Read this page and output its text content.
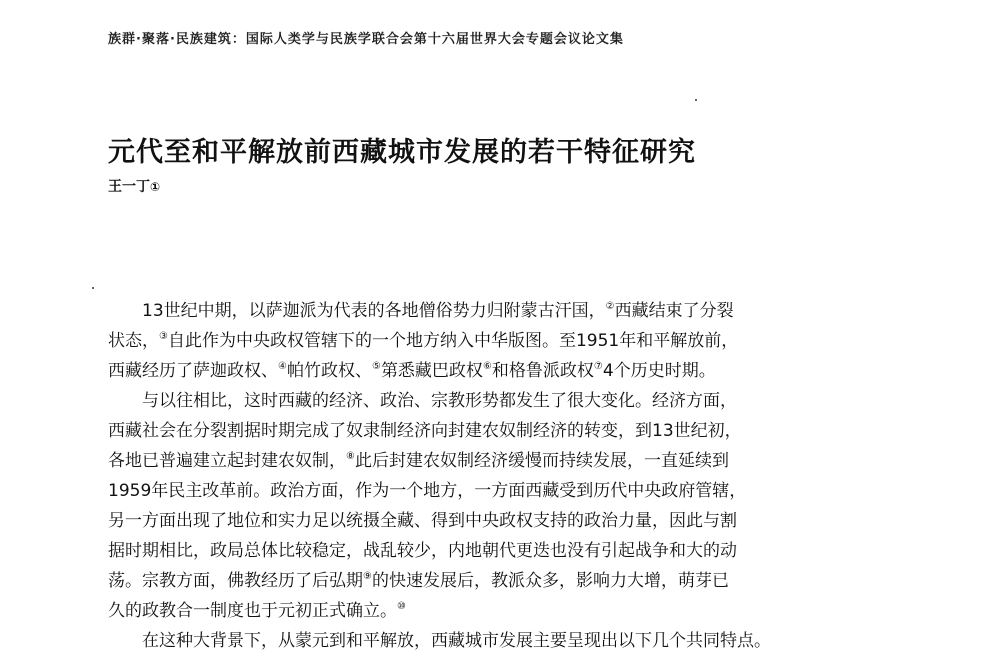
族群·聚落·民族建筑：国际人类学与民族学联合会第十六届世界大会专题会议论文集
元代至和平解放前西藏城市发展的若干特征研究
王一丁①
13世纪中期，以萨迦派为代表的各地僧俗势力归附蒙古汗国，②西藏结束了分裂
状态，③自此作为中央政权管辖下的一个地方纳入中华版图。至1951年和平解放前，
西藏经历了萨迦政权、④帕竹政权、⑤第悉藏巴政权⑥和格鲁派政权⑦4个历史时期。
与以往相比，这时西藏的经济、政治、宗教形势都发生了很大变化。经济方面，
西藏社会在分裂割据时期完成了奴隶制经济向封建农奴制经济的转变，到13世纪初，
各地已普遍建立起封建农奴制，⑧此后封建农奴制经济缓慢而持续发展，一直延续到
1959年民主改革前。政治方面，作为一个地方，一方面西藏受到历代中央政府管辖，
另一方面出现了地位和实力足以统摄全藏、得到中央政权支持的政治力量，因此与割
据时期相比，政局总体比较稳定，战乱较少，内地朝代更迭也没有引起战争和大的动
荡。宗教方面，佛教经历了后弘期⑨的快速发展后，教派众多，影响力大增，萌芽已
久的政教合一制度也于元初正式确立。⑩
在这种大背景下，从蒙元到和平解放，西藏城市发展主要呈现出以下几个共同特点。
